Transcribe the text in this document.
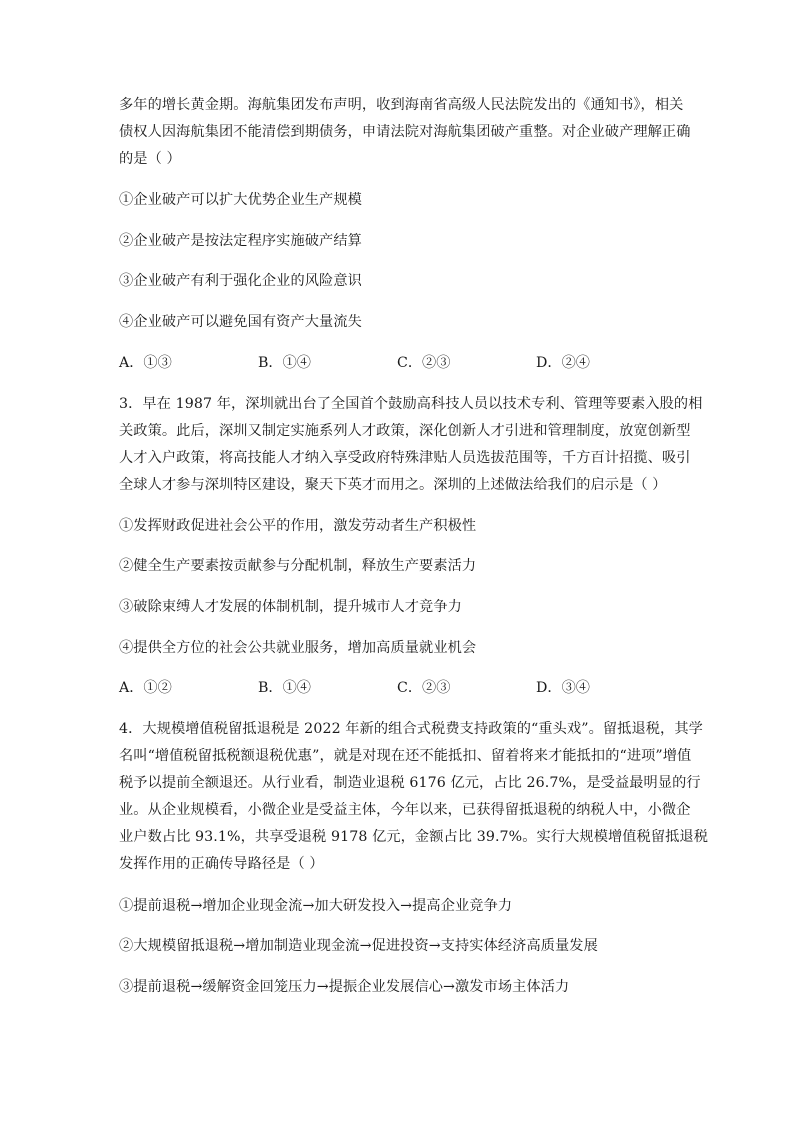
多年的增长黄金期。海航集团发布声明，收到海南省高级人民法院发出的《通知书》，相关
债权人因海航集团不能清偿到期债务，申请法院对海航集团破产重整。对企业破产理解正确
的是（ ）
①企业破产可以扩大优势企业生产规模
②企业破产是按法定程序实施破产结算
③企业破产有利于强化企业的风险意识
④企业破产可以避免国有资产大量流失
A．①③	B．①④	C．②③	D．②④
3．早在 1987 年，深圳就出台了全国首个鼓励高科技人员以技术专利、管理等要素入股的相
关政策。此后，深圳又制定实施系列人才政策，深化创新人才引进和管理制度，放宽创新型
人才入户政策，将高技能人才纳入享受政府特殊津贴人员选拔范围等，千方百计招揽、吸引
全球人才参与深圳特区建设，聚天下英才而用之。深圳的上述做法给我们的启示是（ ）
①发挥财政促进社会公平的作用，激发劳动者生产积极性
②健全生产要素按贡献参与分配机制，释放生产要素活力
③破除束缚人才发展的体制机制，提升城市人才竞争力
④提供全方位的社会公共就业服务，增加高质量就业机会
A．①②	B．①④	C．②③	D．③④
4．大规模增值税留抵退税是 2022 年新的组合式税费支持政策的“重头戏”。留抵退税，其学
名叫“增值税留抵税额退税优惠”，就是对现在还不能抵扣、留着将来才能抵扣的“进项”增值
税予以提前全额退还。从行业看，制造业退税 6176 亿元，占比 26.7%，是受益最明显的行
业。从企业规模看，小微企业是受益主体，今年以来，已获得留抵退税的纳税人中，小微企
业户数占比 93.1%，共享受退税 9178 亿元，金额占比 39.7%。实行大规模增值税留抵退税
发挥作用的正确传导路径是（ ）
①提前退税→增加企业现金流→加大研发投入→提高企业竞争力
②大规模留抵退税→增加制造业现金流→促进投资→支持实体经济高质量发展
③提前退税→缓解资金回笼压力→提振企业发展信心→激发市场主体活力
